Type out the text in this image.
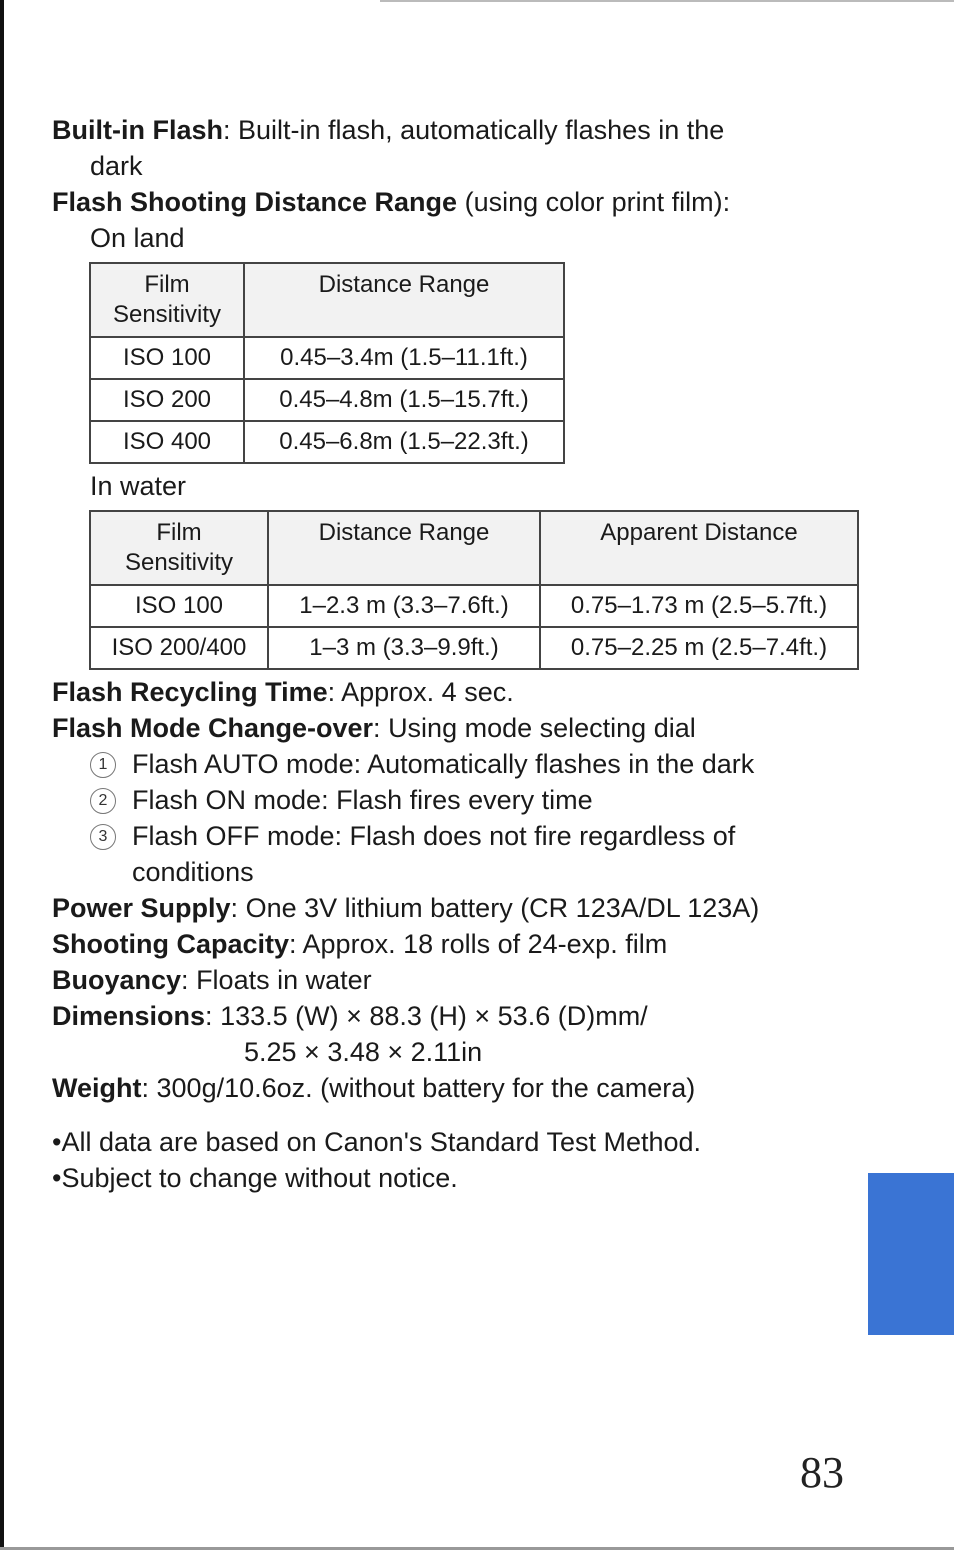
Built-in Flash: Built-in flash, automatically flashes in the
dark
Flash Shooting Distance Range (using color print film):
On land
Film
Sensitivity	Distance Range
ISO 100	0.45–3.4m (1.5–11.1ft.)
ISO 200	0.45–4.8m (1.5–15.7ft.)
ISO 400	0.45–6.8m (1.5–22.3ft.)
In water
Film
Sensitivity	Distance Range	Apparent Distance
ISO 100	1–2.3 m (3.3–7.6ft.)	0.75–1.73 m (2.5–5.7ft.)
ISO 200/400	1–3 m (3.3–9.9ft.)	0.75–2.25 m (2.5–7.4ft.)
Flash Recycling Time: Approx. 4 sec.
Flash Mode Change-over: Using mode selecting dial
1 Flash AUTO mode: Automatically flashes in the dark
2 Flash ON mode: Flash fires every time
3 Flash OFF mode: Flash does not fire regardless of conditions
Power Supply: One 3V lithium battery (CR 123A/DL 123A)
Shooting Capacity: Approx. 18 rolls of 24-exp. film
Buoyancy: Floats in water
Dimensions: 133.5 (W) × 88.3 (H) × 53.6 (D)mm/
5.25 × 3.48 × 2.11in
Weight: 300g/10.6oz. (without battery for the camera)
•All data are based on Canon's Standard Test Method.
•Subject to change without notice.
83
